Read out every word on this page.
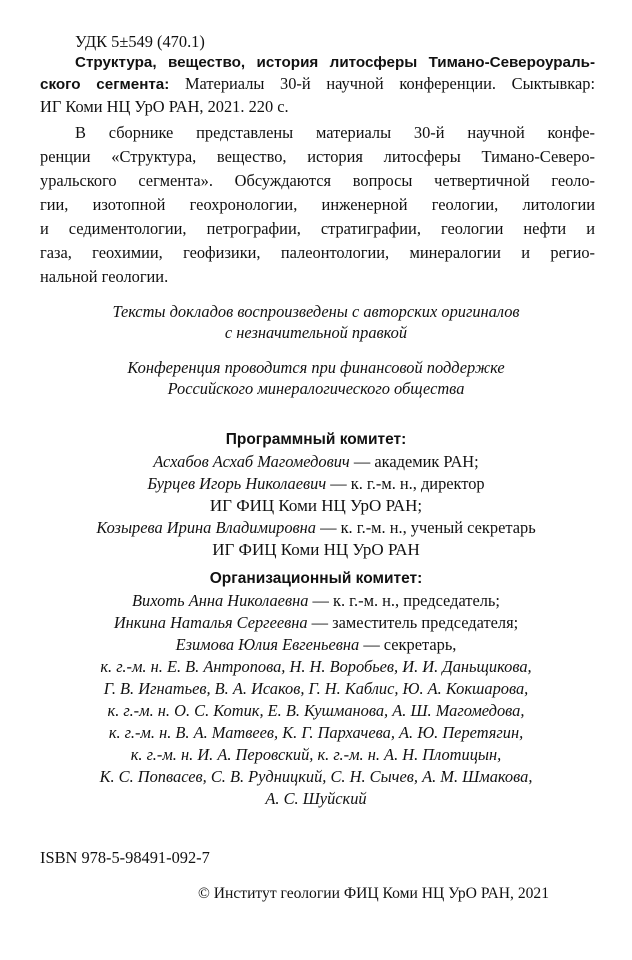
УДК 5±549 (470.1)
Структура, вещество, история литосферы Тимано-Североураль-
ского сегмента: Материалы 30-й научной конференции. Сыктывкар:
ИГ Коми НЦ УрО РАН, 2021. 220 с.
В сборнике представлены материалы 30-й научной конфе-
ренции «Структура, вещество, история литосферы Тимано-Северо-
уральского сегмента». Обсуждаются вопросы четвертичной геоло-
гии, изотопной геохронологии, инженерной геологии, литологии
и седиментологии, петрографии, стратиграфии, геологии нефти и
газа, геохимии, геофизики, палеонтологии, минералогии и регио-
нальной геологии.
Тексты докладов воспроизведены с авторских оригиналов
с незначительной правкой
Конференция проводится при финансовой поддержке
Российского минералогического общества
Программный комитет:
Асхабов Асхаб Магомедович — академик РАН;
Бурцев Игорь Николаевич — к. г.-м. н., директор
ИГ ФИЦ Коми НЦ УрО РАН;
Козырева Ирина Владимировна — к. г.-м. н., ученый секретарь
ИГ ФИЦ Коми НЦ УрО РАН
Организационный комитет:
Вихоть Анна Николаевна — к. г.-м. н., председатель;
Инкина Наталья Сергеевна — заместитель председателя;
Езимова Юлия Евгеньевна — секретарь,
к. г.-м. н. Е. В. Антропова, Н. Н. Воробьев, И. И. Даньщикова,
Г. В. Игнатьев, В. А. Исаков, Г. Н. Каблис, Ю. А. Кокшарова,
к. г.-м. н. О. С. Котик, Е. В. Кушманова, А. Ш. Магомедова,
к. г.-м. н. В. А. Матвеев, К. Г. Пархачева, А. Ю. Перетягин,
к. г.-м. н. И. А. Перовский, к. г.-м. н. А. Н. Плотицын,
К. С. Попвасев, С. В. Рудницкий, С. Н. Сычев, А. М. Шмакова,
А. С. Шуйский
ISBN 978-5-98491-092-7
© Институт геологии ФИЦ Коми НЦ УрО РАН, 2021
